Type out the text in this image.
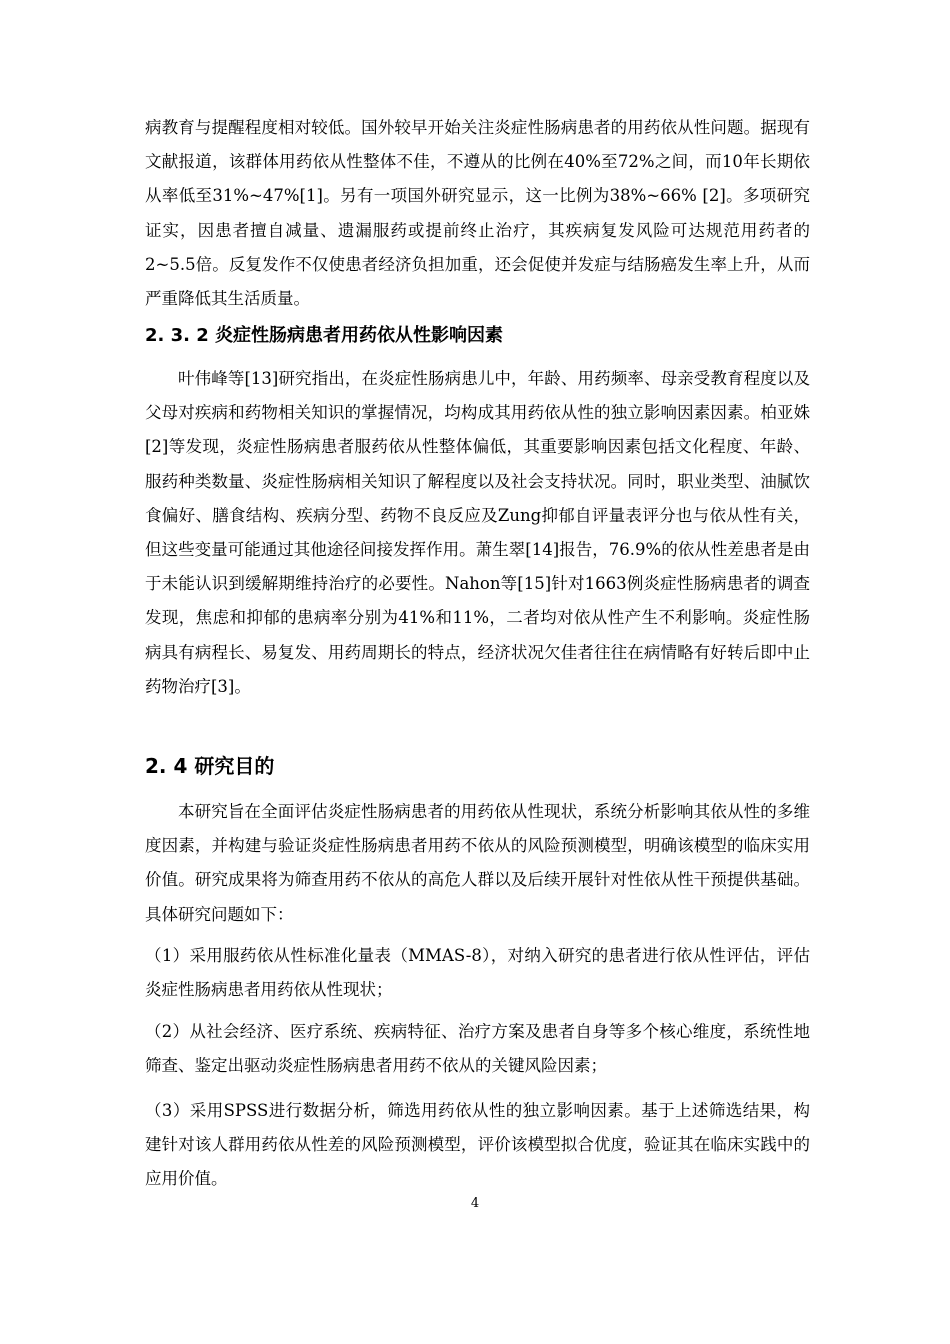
病教育与提醒程度相对较低。国外较早开始关注炎症性肠病患者的用药依从性问题。据现有文献报道，该群体用药依从性整体不佳，不遵从的比例在40%至72%之间，而10年长期依从率低至31%~47%[1]。另有一项国外研究显示，这一比例为38%~66% [2]。多项研究证实，因患者擅自减量、遗漏服药或提前终止治疗，其疾病复发风险可达规范用药者的2~5.5倍。反复发作不仅使患者经济负担加重，还会促使并发症与结肠癌发生率上升，从而严重降低其生活质量。

2. 3. 2 炎症性肠病患者用药依从性影响因素

叶伟峰等[13]研究指出，在炎症性肠病患儿中，年龄、用药频率、母亲受教育程度以及父母对疾病和药物相关知识的掌握情况，均构成其用药依从性的独立影响因素因素。柏亚姝[2]等发现，炎症性肠病患者服药依从性整体偏低，其重要影响因素包括文化程度、年龄、服药种类数量、炎症性肠病相关知识了解程度以及社会支持状况。同时，职业类型、油腻饮食偏好、膳食结构、疾病分型、药物不良反应及Zung抑郁自评量表评分也与依从性有关，但这些变量可能通过其他途径间接发挥作用。萧生翠[14]报告，76.9%的依从性差患者是由于未能认识到缓解期维持治疗的必要性。Nahon等[15]针对1663例炎症性肠病患者的调查发现，焦虑和抑郁的患病率分别为41%和11%，二者均对依从性产生不利影响。炎症性肠病具有病程长、易复发、用药周期长的特点，经济状况欠佳者往往在病情略有好转后即中止药物治疗[3]。

2. 4 研究目的

本研究旨在全面评估炎症性肠病患者的用药依从性现状，系统分析影响其依从性的多维度因素，并构建与验证炎症性肠病患者用药不依从的风险预测模型，明确该模型的临床实用价值。研究成果将为筛查用药不依从的高危人群以及后续开展针对性依从性干预提供基础。具体研究问题如下：

（1）采用服药依从性标准化量表（MMAS-8），对纳入研究的患者进行依从性评估，评估炎症性肠病患者用药依从性现状；

（2）从社会经济、医疗系统、疾病特征、治疗方案及患者自身等多个核心维度，系统性地筛查、鉴定出驱动炎症性肠病患者用药不依从的关键风险因素；

（3）采用SPSS进行数据分析，筛选用药依从性的独立影响因素。基于上述筛选结果，构建针对该人群用药依从性差的风险预测模型，评价该模型拟合优度，验证其在临床实践中的应用价值。

4
